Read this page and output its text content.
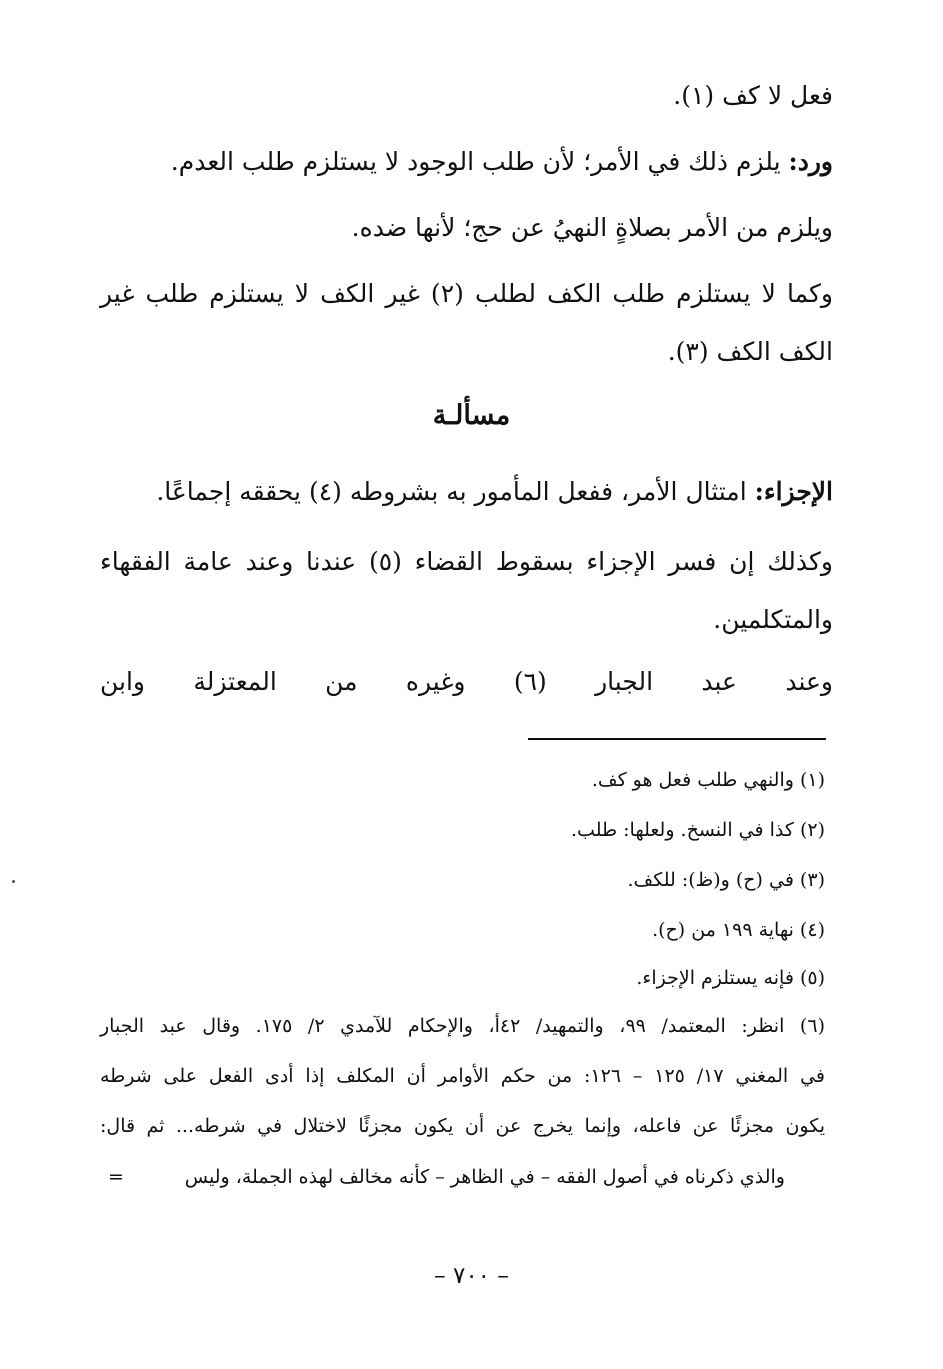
فعل لا كف (١).
ورد: يلزم ذلك في الأمر؛ لأن طلب الوجود لا يستلزم طلب العدم.
ويلزم من الأمر بصلاةٍ النهيُ عن حج؛ لأنها ضده.
وكما لا يستلزم طلب الكف لطلب (٢) غير الكف لا يستلزم طلب غير
الكف الكف (٣).
مسألـة
الإجزاء: امتثال الأمر، ففعل المأمور به بشروطه (٤) يحققه إجماعًا.
وكذلك إن فسر الإجزاء بسقوط القضاء (٥) عندنا وعند عامة الفقهاء
والمتكلمين.
وعند عبد الجبار (٦) وغيره من المعتزلة وابن
(١) والنهي طلب فعل هو كف.
(٢) كذا في النسخ. ولعلها: طلب.
(٣) في (ح) و(ظ): للكف.
(٤) نهاية ١٩٩ من (ح).
(٥) فإنه يستلزم الإجزاء.
(٦) انظر: المعتمد/ ٩٩، والتمهيد/ ٤٢أ، والإحكام للآمدي ٢/ ١٧٥. وقال عبد الجبار
في المغني ١٧/ ١٢٥ – ١٢٦: من حكم الأوامر أن المكلف إذا أدى الفعل على شرطه
يكون مجزئًا عن فاعله، وإنما يخرج عن أن يكون مجزئًا لاختلال في شرطه... ثم قال:
والذي ذكرناه في أصول الفقه – في الظاهر – كأنه مخالف لهذه الجملة، وليس
=
– ٧٠٠ –
